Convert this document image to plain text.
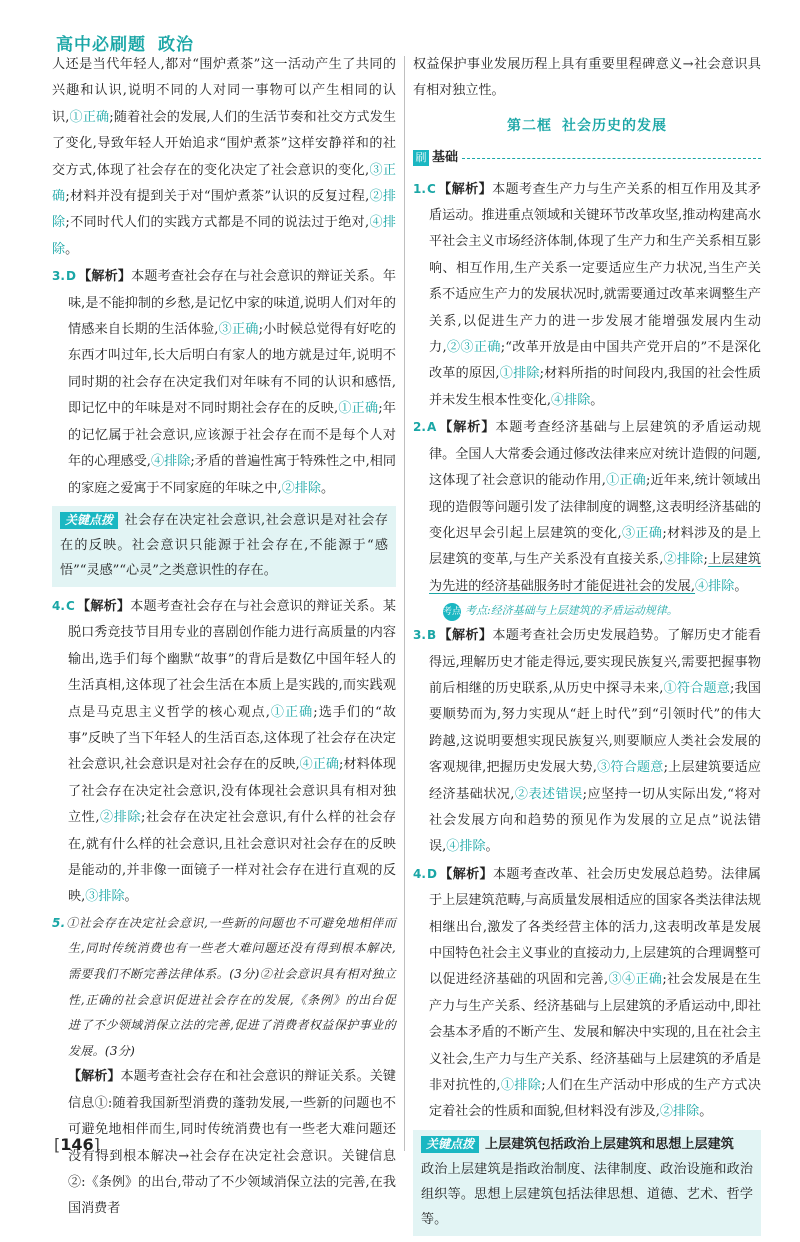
高中必刷题 政治

人还是当代年轻人,都对“围炉煮茶”这一活动产生了共同的兴趣和认识,说明不同的人对同一事物可以产生相同的认识,①正确;随着社会的发展,人们的生活节奏和社交方式发生了变化,导致年轻人开始追求“围炉煮茶”这样安静祥和的社交方式,体现了社会存在的变化决定了社会意识的变化,③正确;材料并没有提到关于对“围炉煮茶”认识的反复过程,②排除;不同时代人们的实践方式都是不同的说法过于绝对,④排除。

3.D 【解析】本题考查社会存在与社会意识的辩证关系。年味,是不能抑制的乡愁,是记忆中家的味道,说明人们对年的情感来自长期的生活体验,③正确;小时候总觉得有好吃的东西才叫过年,长大后明白有家人的地方就是过年,说明不同时期的社会存在决定我们对年味有不同的认识和感悟,即记忆中的年味是对不同时期社会存在的反映,①正确;年的记忆属于社会意识,应该源于社会存在而不是每个人对年的心理感受,④排除;矛盾的普遍性寓于特殊性之中,相同的家庭之爱寓于不同家庭的年味之中,②排除。

关键点拨 社会存在决定社会意识,社会意识是对社会存在的反映。社会意识只能源于社会存在,不能源于“感悟”“灵感”“心灵”之类意识性的存在。

4.C 【解析】本题考查社会存在与社会意识的辩证关系。某脱口秀竞技节目用专业的喜剧创作能力进行高质量的内容输出,选手们每个幽默“故事”的背后是数亿中国年轻人的生活真相,这体现了社会生活在本质上是实践的,而实践观点是马克思主义哲学的核心观点,①正确;选手们的“故事”反映了当下年轻人的生活百态,这体现了社会存在决定社会意识,社会意识是对社会存在的反映,④正确;材料体现了社会存在决定社会意识,没有体现社会意识具有相对独立性,②排除;社会存在决定社会意识,有什么样的社会存在,就有什么样的社会意识,且社会意识对社会存在的反映是能动的,并非像一面镜子一样对社会存在进行直观的反映,③排除。

5.①社会存在决定社会意识,一些新的问题也不可避免地相伴而生,同时传统消费也有一些老大难问题还没有得到根本解决,需要我们不断完善法律体系。(3分)②社会意识具有相对独立性,正确的社会意识促进社会存在的发展,《条例》的出台促进了不少领域消保立法的完善,促进了消费者权益保护事业的发展。(3分)

【解析】本题考查社会存在和社会意识的辩证关系。关键信息①:随着我国新型消费的蓬勃发展,一些新的问题也不可避免地相伴而生,同时传统消费也有一些老大难问题还没有得到根本解决→社会存在决定社会意识。关键信息②:《条例》的出台,带动了不少领域消保立法的完善,在我国消费者

权益保护事业发展历程上具有重要里程碑意义→社会意识具有相对独立性。

第二框 社会历史的发展
刷 基础

1.C 【解析】本题考查生产力与生产关系的相互作用及其矛盾运动。推进重点领域和关键环节改革攻坚,推动构建高水平社会主义市场经济体制,体现了生产力和生产关系相互影响、相互作用,生产关系一定要适应生产力状况,当生产关系不适应生产力的发展状况时,就需要通过改革来调整生产关系,以促进生产力的进一步发展才能增强发展内生动力,②③正确;“改革开放是由中国共产党开启的”不是深化改革的原因,①排除;材料所指的时间段内,我国的社会性质并未发生根本性变化,④排除。

2.A 【解析】本题考查经济基础与上层建筑的矛盾运动规律。全国人大常委会通过修改法律来应对统计造假的问题,这体现了社会意识的能动作用,①正确;近年来,统计领域出现的造假等问题引发了法律制度的调整,这表明经济基础的变化迟早会引起上层建筑的变化,③正确;材料涉及的是上层建筑的变革,与生产关系没有直接关系,②排除;上层建筑为先进的经济基础服务时才能促进社会的发展,④排除。

考点 考点:经济基础与上层建筑的矛盾运动规律。

3.B 【解析】本题考查社会历史发展趋势。了解历史才能看得远,理解历史才能走得远,要实现民族复兴,需要把握事物前后相继的历史联系,从历史中探寻未来,①符合题意;我国要顺势而为,努力实现从“赶上时代”到“引领时代”的伟大跨越,这说明要想实现民族复兴,则要顺应人类社会发展的客观规律,把握历史发展大势,③符合题意;上层建筑要适应经济基础状况,②表述错误;应坚持一切从实际出发,“将对社会发展方向和趋势的预见作为发展的立足点”说法错误,④排除。

4.D 【解析】本题考查改革、社会历史发展总趋势。法律属于上层建筑范畴,与高质量发展相适应的国家各类法律法规相继出台,激发了各类经营主体的活力,这表明改革是发展中国特色社会主义事业的直接动力,上层建筑的合理调整可以促进经济基础的巩固和完善,③④正确;社会发展是在生产力与生产关系、经济基础与上层建筑的矛盾运动中,即社会基本矛盾的不断产生、发展和解决中实现的,且在社会主义社会,生产力与生产关系、经济基础与上层建筑的矛盾是非对抗性的,①排除;人们在生产活动中形成的生产方式决定着社会的性质和面貌,但材料没有涉及,②排除。

关键点拨 上层建筑包括政治上层建筑和思想上层建筑
政治上层建筑是指政治制度、法律制度、政治设施和政治组织等。思想上层建筑包括法律思想、道德、艺术、哲学等。
[146]
